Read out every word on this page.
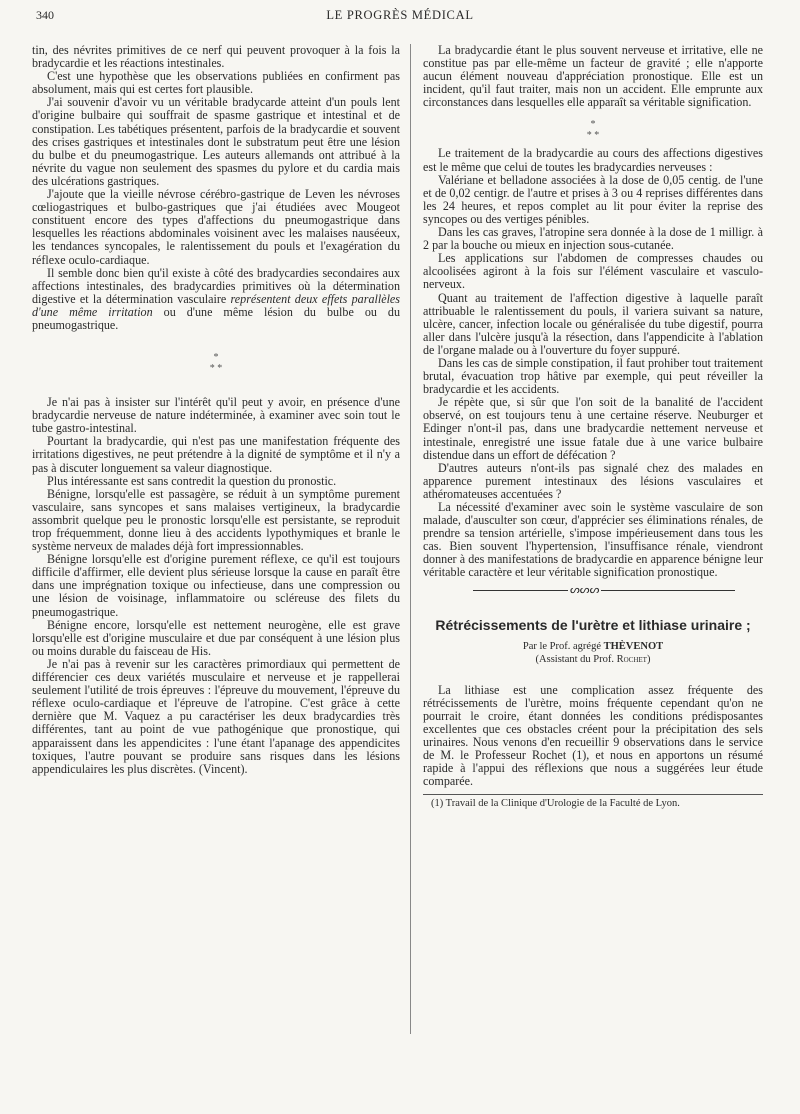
340	LE PROGRÈS MÉDICAL

tin, des névrites primitives de ce nerf qui peuvent provoquer à la fois la bradycardie et les réactions intestinales.

C'est une hypothèse que les observations publiées en confirment pas absolument, mais qui est certes fort plausible.

J'ai souvenir d'avoir vu un véritable bradycarde atteint d'un pouls lent d'origine bulbaire qui souffrait de spasme gastrique et intestinal et de constipation. Les tabétiques présentent, parfois de la bradycardie et souvent des crises gastriques et intestinales dont le substratum peut être une lésion du bulbe et du pneumogastrique. Les auteurs allemands ont attribué à la névrite du vague non seulement des spasmes du pylore et du cardia mais des ulcérations gastriques.

J'ajoute que la vieille névrose cérébro-gastrique de Leven les névroses cœliogastriques et bulbo-gastriques que j'ai étudiées avec Mougeot constituent encore des types d'affections du pneumogastrique dans lesquelles les réactions abdominales voisinent avec les malaises nauséeux, les tendances syncopales, le ralentissement du pouls et l'exagération du réflexe oculo-cardiaque.

Il semble donc bien qu'il existe à côté des bradycardies secondaires aux affections intestinales, des bradycardies primitives où la détermination digestive et la détermination vasculaire représentent deux effets parallèles d'une même irritation ou d'une même lésion du bulbe ou du pneumogastrique.

*
* *

Je n'ai pas à insister sur l'intérêt qu'il peut y avoir, en présence d'une bradycardie nerveuse de nature indéterminée, à examiner avec soin tout le tube gastro-intestinal.

Pourtant la bradycardie, qui n'est pas une manifestation fréquente des irritations digestives, ne peut prétendre à la dignité de symptôme et il n'y a pas à discuter longuement sa valeur diagnostique.

Plus intéressante est sans contredit la question du pronostic.

Bénigne, lorsqu'elle est passagère, se réduit à un symptôme purement vasculaire, sans syncopes et sans malaises vertigineux, la bradycardie assombrit quelque peu le pronostic lorsqu'elle est persistante, se reproduit trop fréquemment, donne lieu à des accidents lypothymiques et branle le système nerveux de malades déjà fort impressionnables.

Bénigne lorsqu'elle est d'origine purement réflexe, ce qu'il est toujours difficile d'affirmer, elle devient plus sérieuse lorsque la cause en paraît être dans une imprégnation toxique ou infectieuse, dans une compression ou une lésion de voisinage, inflammatoire ou scléreuse des filets du pneumogastrique.

Bénigne encore, lorsqu'elle est nettement neurogène, elle est grave lorsqu'elle est d'origine musculaire et due par conséquent à une lésion plus ou moins durable du faisceau de His.

Je n'ai pas à revenir sur les caractères primordiaux qui permettent de différencier ces deux variétés musculaire et nerveuse et je rappellerai seulement l'utilité de trois épreuves : l'épreuve du mouvement, l'épreuve du réflexe oculo-cardiaque et l'épreuve de l'atropine. C'est grâce à cette dernière que M. Vaquez a pu caractériser les deux bradycardies très différentes, tant au point de vue pathogénique que pronostique, qui apparaissent dans les appendicites : l'une étant l'apanage des appendicites toxiques, l'autre pouvant se produire sans risques dans les lésions appendiculaires les plus discrètes. (Vincent).

La bradycardie étant le plus souvent nerveuse et irritative, elle ne constitue pas par elle-même un facteur de gravité ; elle n'apporte aucun élément nouveau d'appréciation pronostique. Elle est un incident, qu'il faut traiter, mais non un accident. Elle emprunte aux circonstances dans lesquelles elle apparaît sa véritable signification.

*
* *

Le traitement de la bradycardie au cours des affections digestives est le même que celui de toutes les bradycardies nerveuses :

Valériane et belladone associées à la dose de 0,05 centig. de l'une et de 0,02 centigr. de l'autre et prises à 3 ou 4 reprises différentes dans les 24 heures, et repos complet au lit pour éviter la reprise des syncopes ou des vertiges pénibles.

Dans les cas graves, l'atropine sera donnée à la dose de 1 milligr. à 2 par la bouche ou mieux en injection sous-cutanée.

Les applications sur l'abdomen de compresses chaudes ou alcoolisées agiront à la fois sur l'élément vasculaire et vasculo-nerveux.

Quant au traitement de l'affection digestive à laquelle paraît attribuable le ralentissement du pouls, il variera suivant sa nature, ulcère, cancer, infection locale ou généralisée du tube digestif, pourra aller dans l'ulcère jusqu'à la résection, dans l'appendicite à l'ablation de l'organe malade ou à l'ouverture du foyer suppuré.

Dans les cas de simple constipation, il faut prohiber tout traitement brutal, évacuation trop hâtive par exemple, qui peut réveiller la bradycardie et les accidents.

Je répète que, si sûr que l'on soit de la banalité de l'accident observé, on est toujours tenu à une certaine réserve. Neuburger et Edinger n'ont-il pas, dans une bradycardie nettement nerveuse et intestinale, enregistré une issue fatale due à une varice bulbaire distendue dans un effort de défécation ?

D'autres auteurs n'ont-ils pas signalé chez des malades en apparence purement intestinaux des lésions vasculaires et athéromateuses accentuées ?

La nécessité d'examiner avec soin le système vasculaire de son malade, d'ausculter son cœur, d'apprécier ses éliminations rénales, de prendre sa tension artérielle, s'impose impérieusement dans tous les cas. Bien souvent l'hypertension, l'insuffisance rénale, viendront donner à des manifestations de bradycardie en apparence bénigne leur véritable caractère et leur véritable signification pronostique.

ᔕᔕᔕ
Rétrécissements de l'urètre et lithiase urinaire ;
Par le Prof. agrégé THÈVENOT
(Assistant du Prof. Rochet)

La lithiase est une complication assez fréquente des rétrécissements de l'urètre, moins fréquente cependant qu'on ne pourrait le croire, étant données les conditions prédisposantes excellentes que ces obstacles créent pour la précipitation des sels urinaires. Nous venons d'en recueillir 9 observations dans le service de M. le Professeur Rochet (1), et nous en apportons un résumé rapide à l'appui des réflexions que nous a suggérées leur étude comparée.

(1) Travail de la Clinique d'Urologie de la Faculté de Lyon.
